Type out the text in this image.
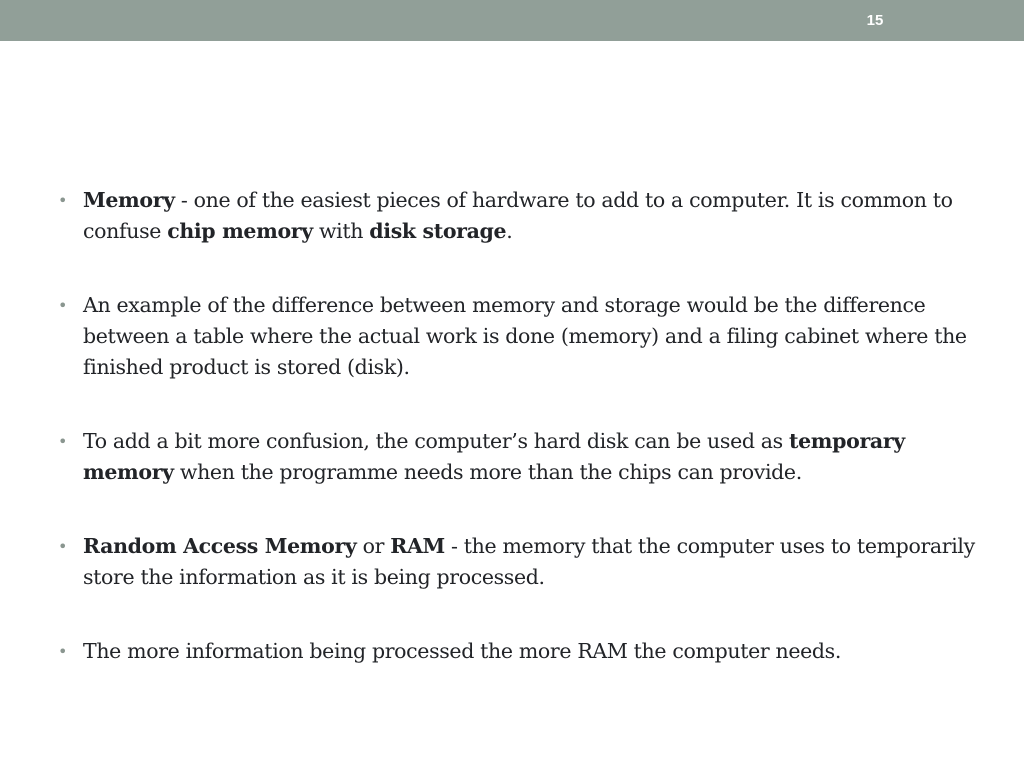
15
• Memory - one of the easiest pieces of hardware to add to a computer. It is common to confuse chip memory with disk storage.
• An example of the difference between memory and storage would be the difference between a table where the actual work is done (memory) and a filing cabinet where the finished product is stored (disk).
• To add a bit more confusion, the computer’s hard disk can be used as temporary memory when the programme needs more than the chips can provide.
• Random Access Memory or RAM - the memory that the computer uses to temporarily store the information as it is being processed.
• The more information being processed the more RAM the computer needs.
